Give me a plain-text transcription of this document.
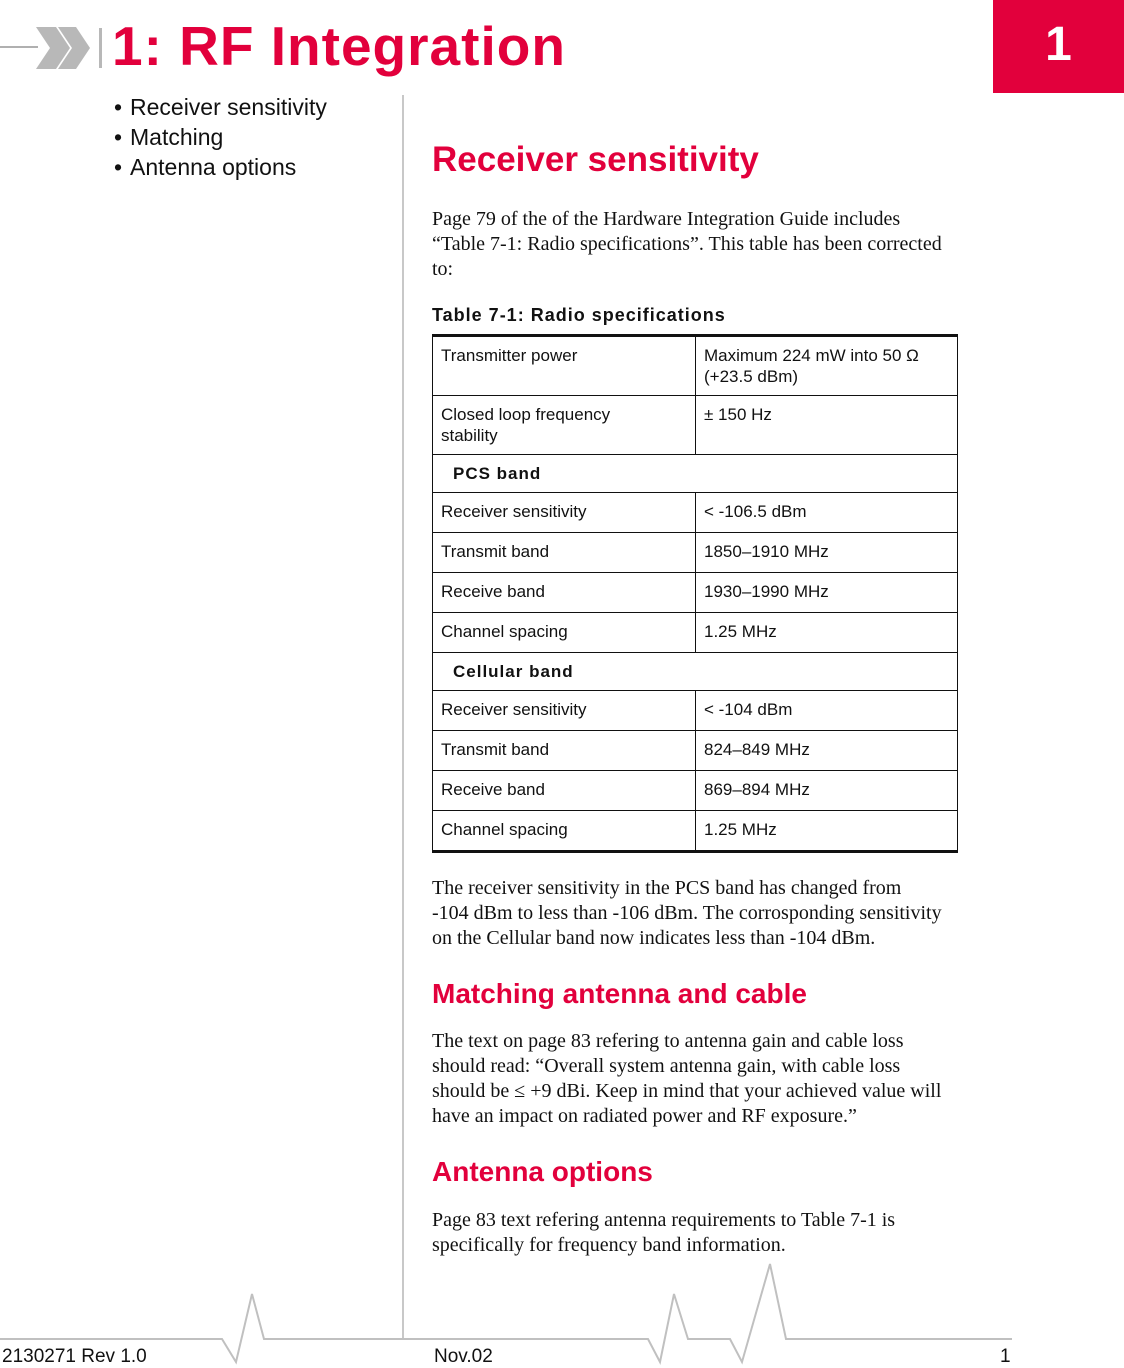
1: RF Integration	1
• Receiver sensitivity
• Matching
• Antenna options	Receiver sensitivity
Page 79 of the of the Hardware Integration Guide includes
“Table 7-1: Radio specifications”. This table has been corrected
to:
Table 7-1: Radio specifications
Transmitter power	Maximum 224 mW into 50 Ω
(+23.5 dBm)
Closed loop frequency
stability	± 150 Hz
PCS band	
Receiver sensitivity	< -106.5 dBm
Transmit band	1850–1910 MHz
Receive band	1930–1990 MHz
Channel spacing	1.25 MHz
Cellular band	
Receiver sensitivity	< -104 dBm
Transmit band	824–849 MHz
Receive band	869–894 MHz
Channel spacing	1.25 MHz
The receiver sensitivity in the PCS band has changed from
-104 dBm to less than -106 dBm. The corrosponding sensitivity
on the Cellular band now indicates less than -104 dBm.
Matching antenna and cable
The text on page 83 refering to antenna gain and cable loss
should read: “Overall system antenna gain, with cable loss
should be ≤ +9 dBi. Keep in mind that your achieved value will
have an impact on radiated power and RF exposure.”
Antenna options
Page 83 text refering antenna requirements to Table 7-1 is
specifically for frequency band information.
2130271 Rev 1.0	Nov.02	1
